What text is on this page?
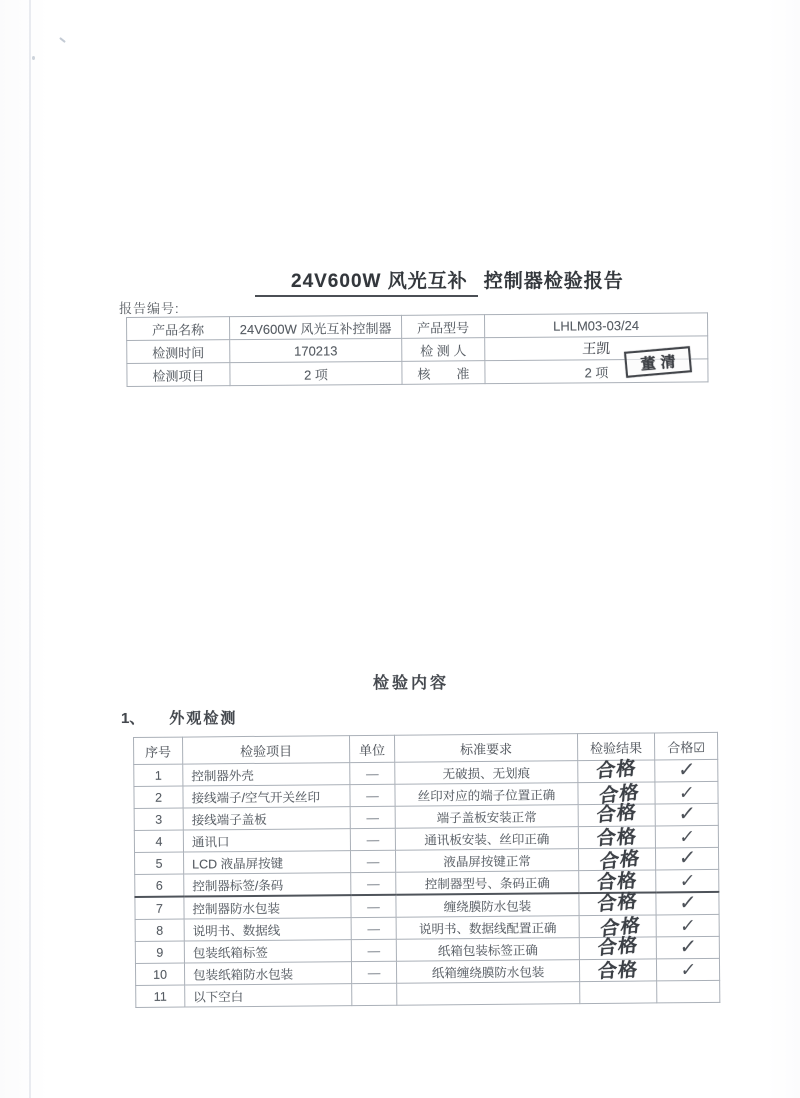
24V600W 风光互补 控制器检验报告
报告编号:
产品名称	24V600W 风光互补控制器	产品型号	LHLM03-03/24
检测时间	170213	检 测 人	王凯
检测项目	2 项	核　　准	2 项	董清
检验内容
1、 外观检测
序号	检验项目	单位	标准要求	检验结果	合格☑
1	控制器外壳	—	无破损、无划痕	合格	✓
2	接线端子/空气开关丝印	—	丝印对应的端子位置正确	合格	✓
3	接线端子盖板	—	端子盖板安装正常	合格	✓
4	通讯口	—	通讯板安装、丝印正确	合格	✓
5	LCD 液晶屏按键	—	液晶屏按键正常	合格	✓
6	控制器标签/条码	—	控制器型号、条码正确	合格	✓
7	控制器防水包装	—	缠绕膜防水包装	合格	✓
8	说明书、数据线	—	说明书、数据线配置正确	合格	✓
9	包装纸箱标签	—	纸箱包装标签正确	合格	✓
10	包装纸箱防水包装	—	纸箱缠绕膜防水包装	合格	✓
11	以下空白				
